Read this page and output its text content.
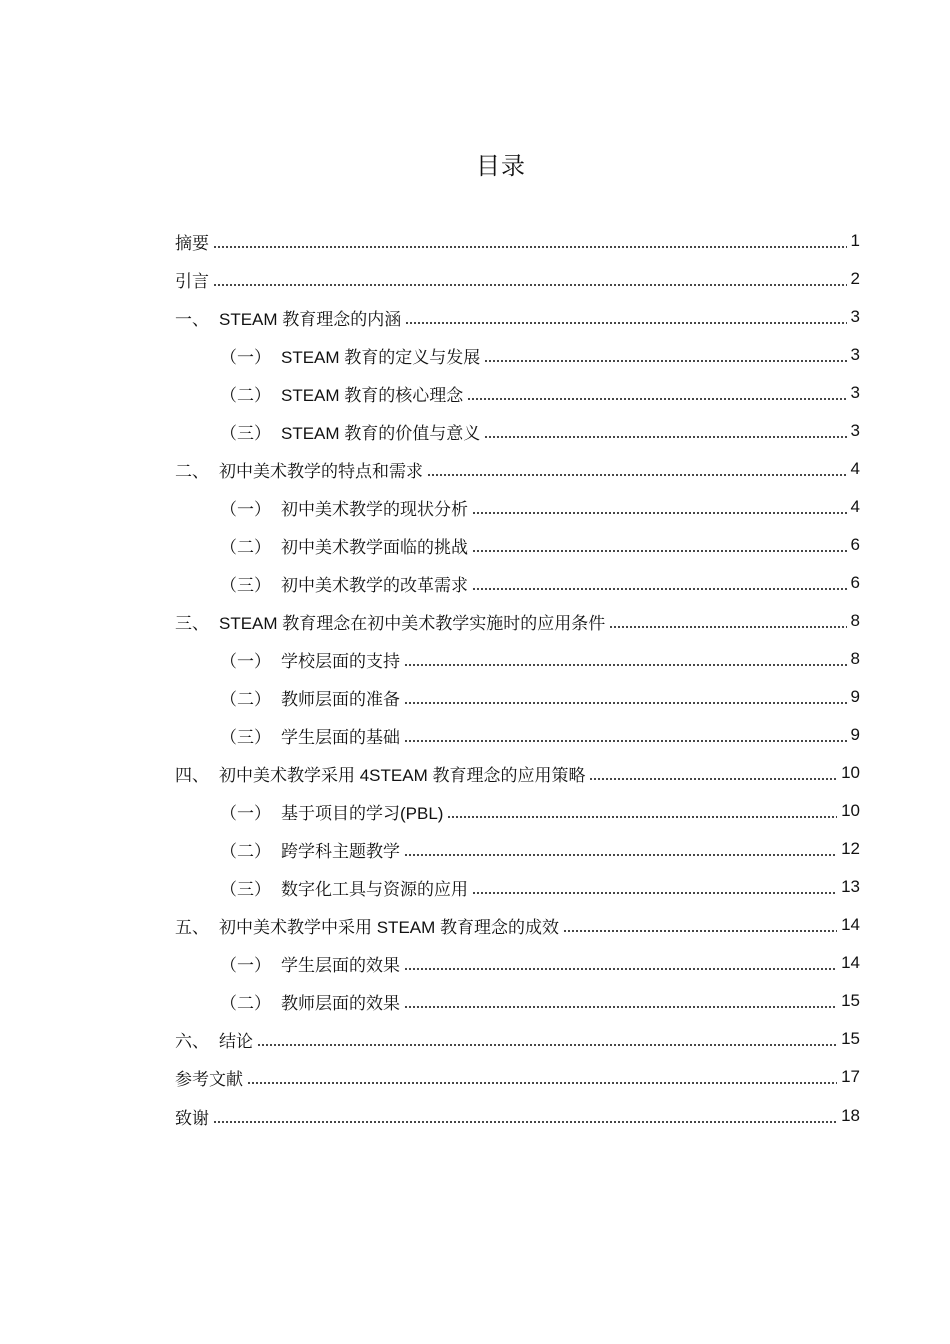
目录
摘要	1
引言	2
一、 STEAM 教育理念的内涵	3
（一） STEAM 教育的定义与发展	3
（二） STEAM 教育的核心理念	3
（三） STEAM 教育的价值与意义	3
二、 初中美术教学的特点和需求	4
（一） 初中美术教学的现状分析	4
（二） 初中美术教学面临的挑战	6
（三） 初中美术教学的改革需求	6
三、 STEAM 教育理念在初中美术教学实施时的应用条件	8
（一） 学校层面的支持	8
（二） 教师层面的准备	9
（三） 学生层面的基础	9
四、 初中美术教学采用 4STEAM 教育理念的应用策略	10
（一） 基于项目的学习(PBL)	10
（二） 跨学科主题教学	12
（三） 数字化工具与资源的应用	13
五、 初中美术教学中采用 STEAM 教育理念的成效	14
（一） 学生层面的效果	14
（二） 教师层面的效果	15
六、 结论	15
参考文献	17
致谢	18
